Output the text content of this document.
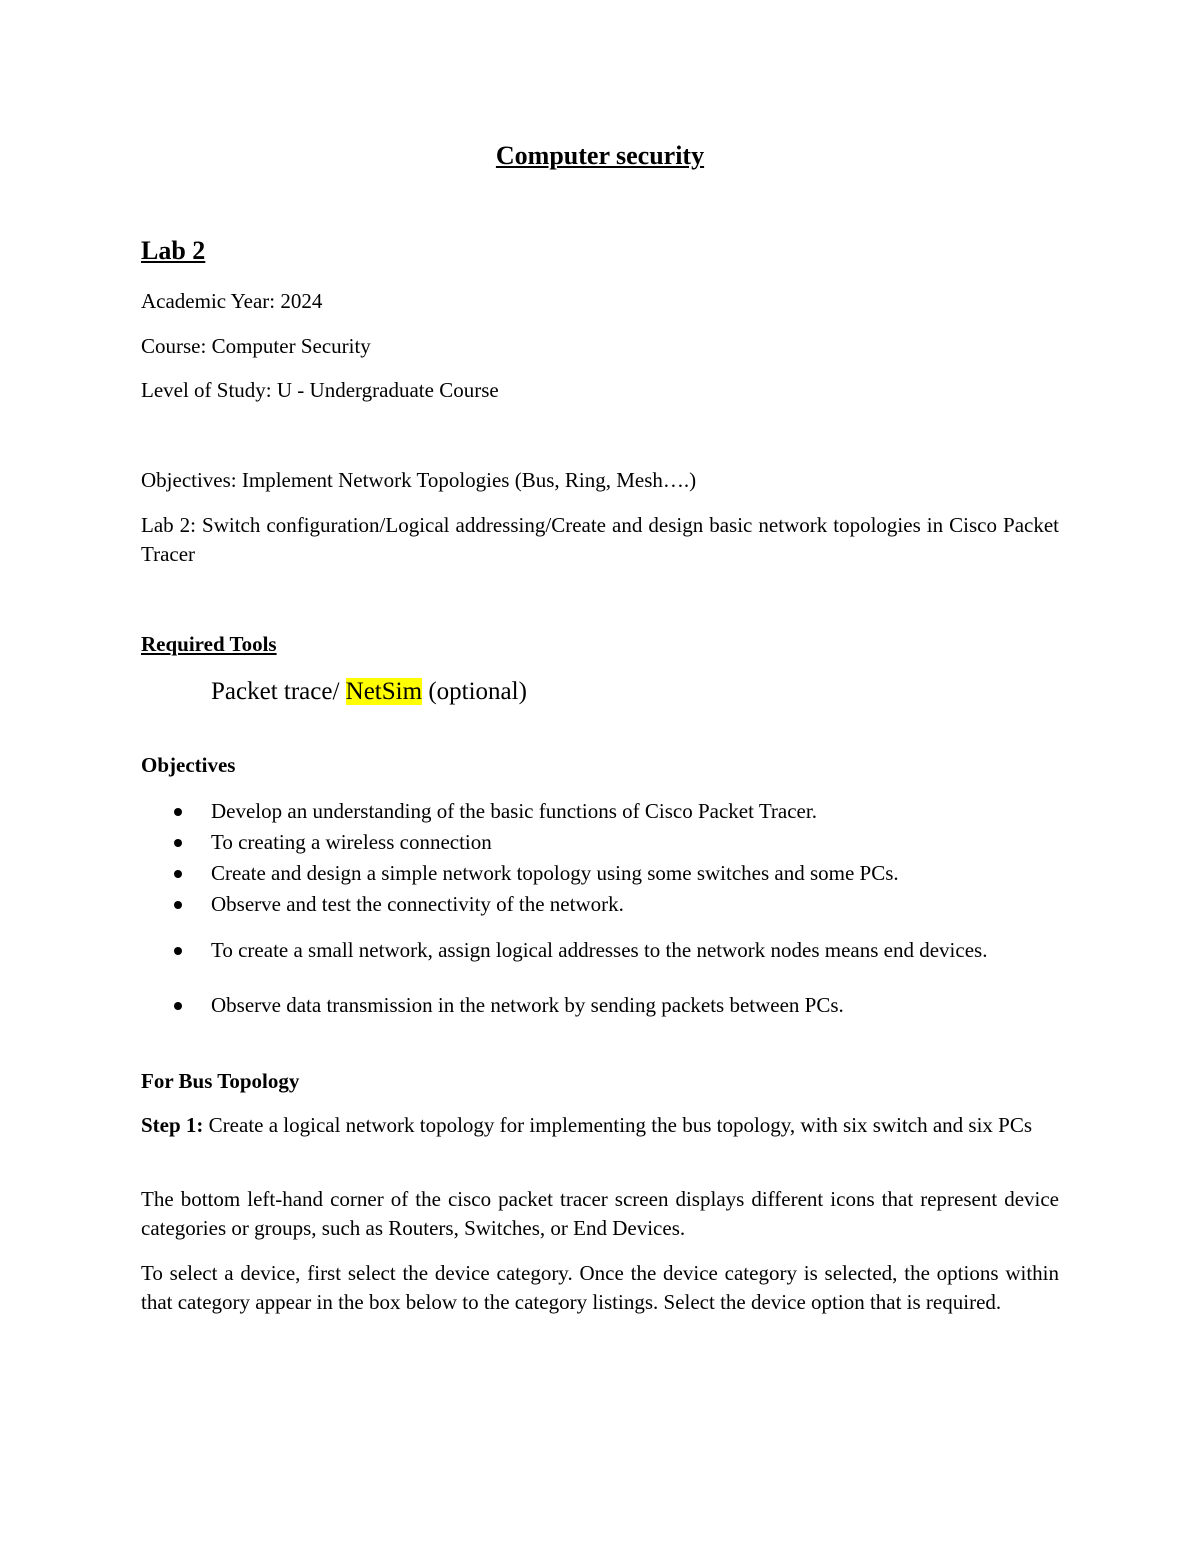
Computer security
Lab 2
Academic Year: 2024
Course: Computer Security
Level of Study: U - Undergraduate Course
Objectives: Implement Network Topologies (Bus, Ring, Mesh….)
Lab 2: Switch configuration/Logical addressing/Create and design basic network topologies in Cisco Packet Tracer
Required Tools
Packet trace/ NetSim (optional)
Objectives
Develop an understanding of the basic functions of Cisco Packet Tracer.
To creating a wireless connection
Create and design a simple network topology using some switches and some PCs.
Observe and test the connectivity of the network.
To create a small network, assign logical addresses to the network nodes means end devices.
Observe data transmission in the network by sending packets between PCs.
For Bus Topology
Step 1: Create a logical network topology for implementing the bus topology, with six switch and six PCs
The bottom left-hand corner of the cisco packet tracer screen displays different icons that represent device categories or groups, such as Routers, Switches, or End Devices.
To select a device, first select the device category. Once the device category is selected, the options within that category appear in the box below to the category listings. Select the device option that is required.
